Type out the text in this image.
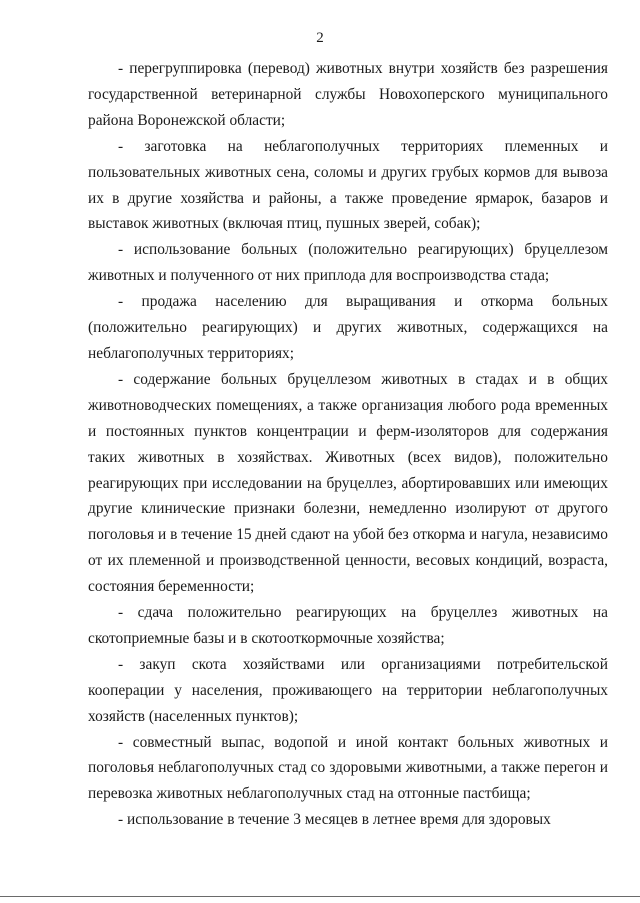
2

- перегруппировка (перевод) животных внутри хозяйств без разрешения государственной ветеринарной службы Новохоперского муниципального района Воронежской области;

- заготовка на неблагополучных территориях племенных и пользовательных животных сена, соломы и других грубых кормов для вывоза их в другие хозяйства и районы, а также проведение ярмарок, базаров и выставок животных (включая птиц, пушных зверей, собак);

- использование больных (положительно реагирующих) бруцеллезом животных и полученного от них приплода для воспроизводства стада;

- продажа населению для выращивания и откорма больных (положительно реагирующих) и других животных, содержащихся на неблагополучных территориях;

- содержание больных бруцеллезом животных в стадах и в общих животноводческих помещениях, а также организация любого рода временных и постоянных пунктов концентрации и ферм-изоляторов для содержания таких животных в хозяйствах. Животных (всех видов), положительно реагирующих при исследовании на бруцеллез, абортировавших или имеющих другие клинические признаки болезни, немедленно изолируют от другого поголовья и в течение 15 дней сдают на убой без откорма и нагула, независимо от их племенной и производственной ценности, весовых кондиций, возраста, состояния беременности;

- сдача положительно реагирующих на бруцеллез животных на скотоприемные базы и в скотооткормочные хозяйства;

- закуп скота хозяйствами или организациями потребительской кооперации у населения, проживающего на территории неблагополучных хозяйств (населенных пунктов);

- совместный выпас, водопой и иной контакт больных животных и поголовья неблагополучных стад со здоровыми животными, а также перегон и перевозка животных неблагополучных стад на отгонные пастбища;

- использование в течение 3 месяцев в летнее время для здоровых
